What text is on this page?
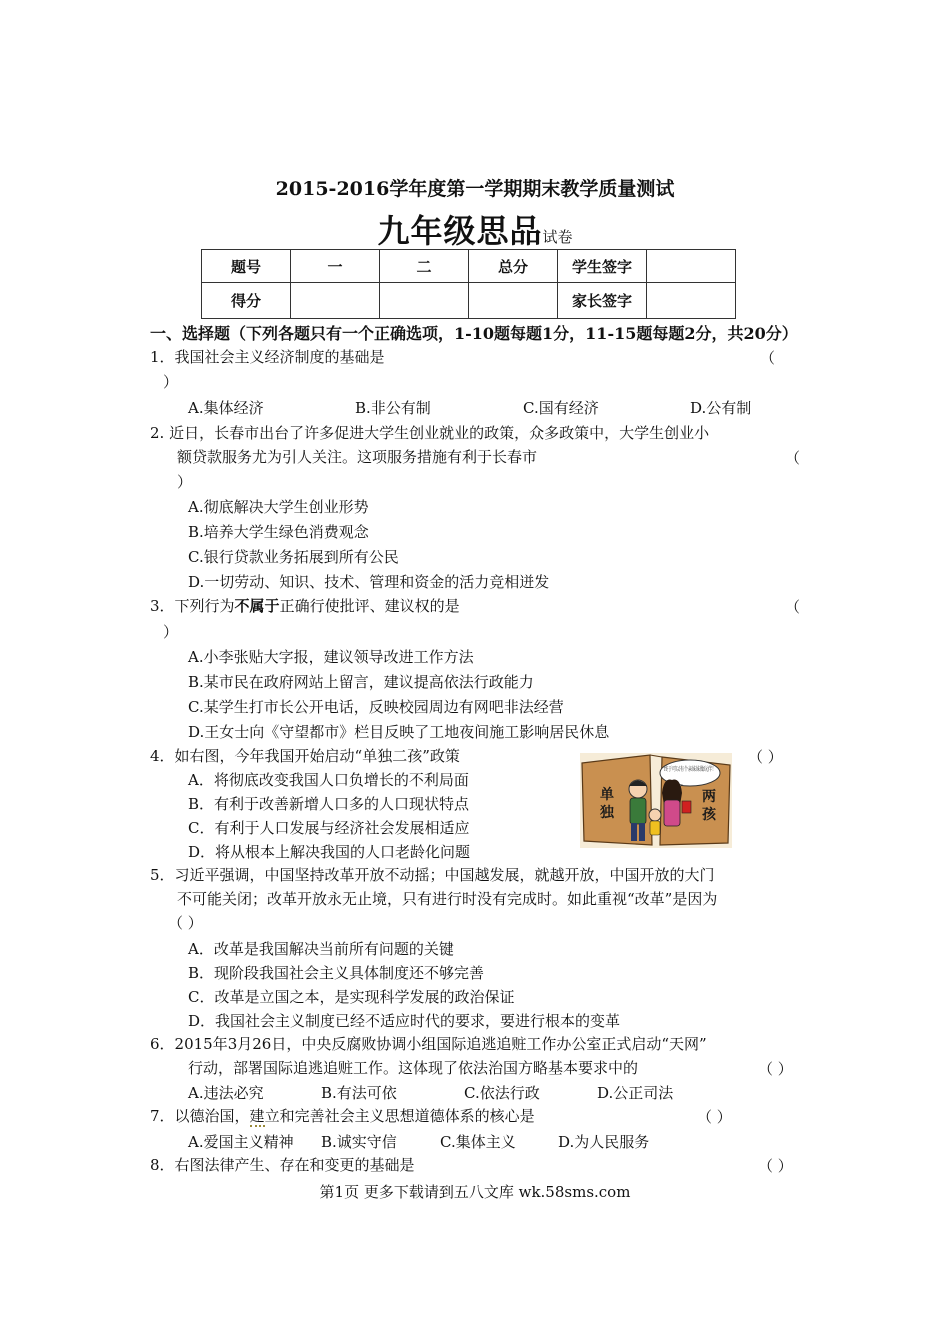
2015-2016学年度第一学期期末教学质量测试
九年级思品试卷
题号	一	二	总分	学生签字	
得分				家长签字	
一、选择题（下列各题只有一个正确选项，1-10题每题1分，11-15题每题2分，共20分）
1．我国社会主义经济制度的基础是	（
）
A.集体经济	B.非公有制	C.国有经济	D.公有制
2. 近日，长春市出台了许多促进大学生创业就业的政策，众多政策中，大学生创业小
额贷款服务尤为引人关注。这项服务措施有利于长春市	（
）
A.彻底解决大学生创业形势
B.培养大学生绿色消费观念
C.银行贷款业务拓展到所有公民
D.一切劳动、知识、技术、管理和资金的活力竞相迸发
3．下列行为不属于正确行使批评、建议权的是	（
）
A.小李张贴大字报，建议领导改进工作方法
B.某市民在政府网站上留言，建议提高依法行政能力
C.某学生打市长公开电话，反映校园周边有网吧非法经营
D.王女士向《守望都市》栏目反映了工地夜间施工影响居民休息
4．如右图，今年我国开始启动“单独二孩”政策	（ ）
A．将彻底改变我国人口负增长的不利局面
B．有利于改善新增人口多的人口现状特点
C．有利于人口发展与经济社会发展相适应
D．将从根本上解决我国的人口老龄化问题
终于可以有个亲妹妹做玩伴！
单
独
两
孩
5．习近平强调，中国坚持改革开放不动摇；中国越发展，就越开放，中国开放的大门
不可能关闭；改革开放永无止境，只有进行时没有完成时。如此重视“改革”是因为
（ ）
A．改革是我国解决当前所有问题的关键
B．现阶段我国社会主义具体制度还不够完善
C．改革是立国之本，是实现科学发展的政治保证
D．我国社会主义制度已经不适应时代的要求，要进行根本的变革
6．2015年3月26日，中央反腐败协调小组国际追逃追赃工作办公室正式启动“天网”
行动，部署国际追逃追赃工作。这体现了依法治国方略基本要求中的	（ ）
A.违法必究	B.有法可依	C.依法行政	D.公正司法
7．以德治国，建立和完善社会主义思想道德体系的核心是	（ ）
A.爱国主义精神 B.诚实守信	C.集体主义	D.为人民服务
8．右图法律产生、存在和变更的基础是	（ ）
第1页 更多下载请到五八文库 wk.58sms.com
